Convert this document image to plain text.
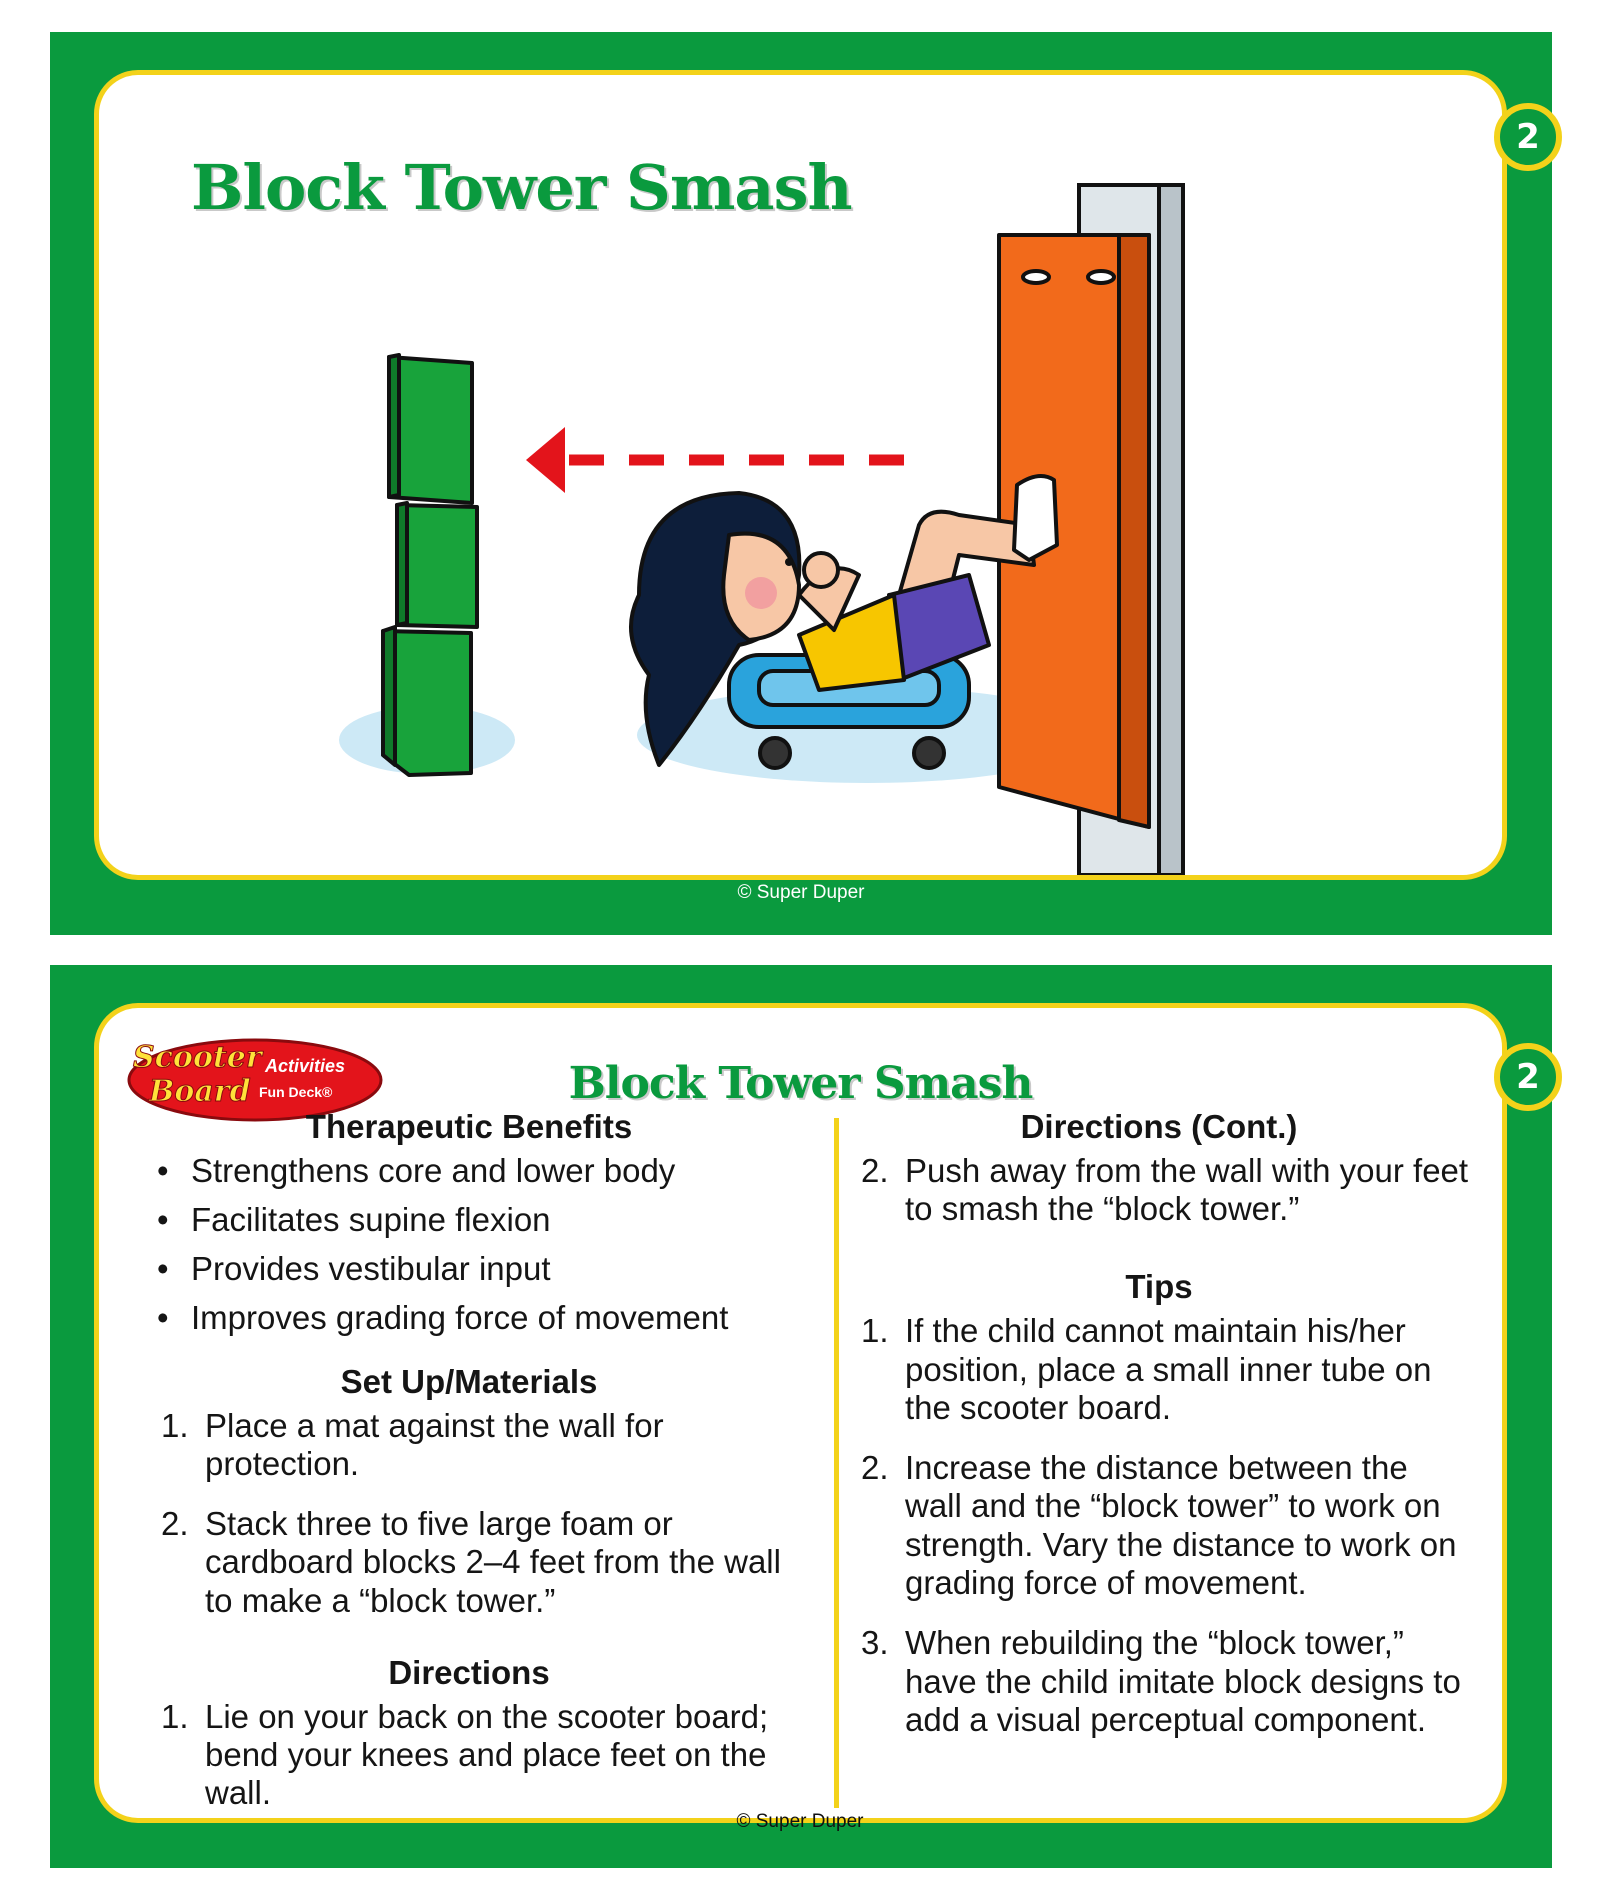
Block Tower Smash
2
© Super Duper
Scooter
Board
Activities
Fun Deck®	Block Tower Smash	2
Therapeutic Benefits
• Strengthens core and lower body
• Facilitates supine flexion
• Provides vestibular input
• Improves grading force of movement
Set Up/Materials
1. Place a mat against the wall for protection.
2. Stack three to five large foam or cardboard blocks 2–4 feet from the wall to make a “block tower.”
Directions
1. Lie on your back on the scooter board; bend your knees and place feet on the wall.
Directions (Cont.)
2. Push away from the wall with your feet to smash the “block tower.”
Tips
1. If the child cannot maintain his/her position, place a small inner tube on the scooter board.
2. Increase the distance between the wall and the “block tower” to work on strength. Vary the distance to work on grading force of movement.
3. When rebuilding the “block tower,” have the child imitate block designs to add a visual perceptual component.
© Super Duper
